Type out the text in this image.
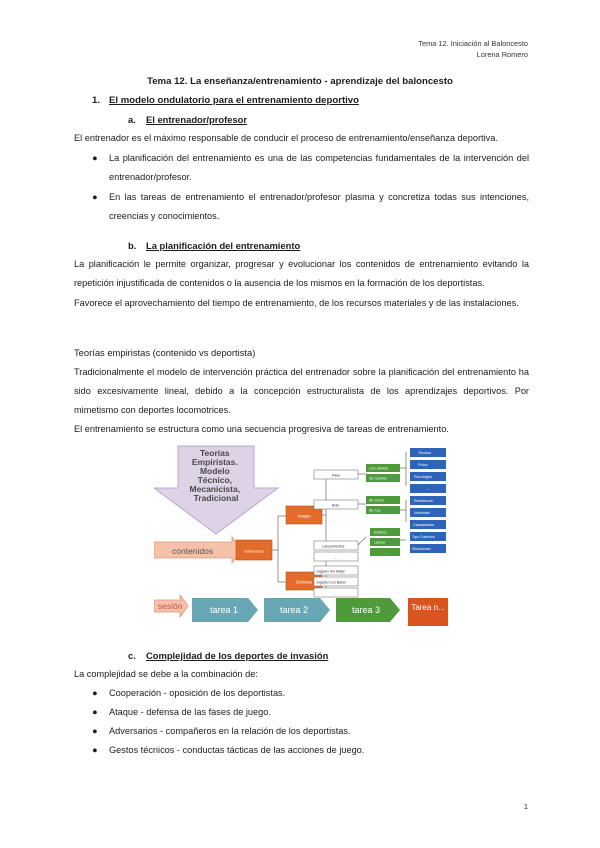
Tema 12. Iniciación al Baloncesto
Lorena Romero
Tema 12. La enseñanza/entrenamiento - aprendizaje del baloncesto
1. El modelo ondulatorio para el entrenamiento deportivo
a. El entrenador/profesor
El entrenador es el máximo responsable de conducir el proceso de entrenamiento/enseñanza deportiva.
● La planificación del entrenamiento es una de las competencias fundamentales de la intervención del entrenador/profesor.
● En las tareas de entrenamiento el entrenador/profesor plasma y concretiza todas sus intenciones, creencias y conocimientos.
b. La planificación del entrenamiento
La planificación le permite organizar, progresar y evolucionar los contenidos de entrenamiento evitando la repetición injustificada de contenidos o la ausencia de los mismos en la formación de los deportistas.
Favorece el aprovechamiento del tiempo de entrenamiento, de los recursos materiales y de las instalaciones.
Teorías empiristas (contenido vs deportista)
Tradicionalmente el modelo de intervención práctica del entrenador sobre la planificación del entrenamiento ha sido excesivamente lineal, debido a la concepción estructuralista de los aprendizajes deportivos. Por mimetismo con deportes locomotrices.
El entrenamiento se estructura como una secuencia progresiva de tareas de entrenamiento.
Teorías Empiristas. Modelo Técnico, Mecanicista, Tradicional
contenidos	Entrenador
Ataque
Defensa
Pase
Bote
Lanzamientos
...
Jugador Sin Balón
Jugador con Balón
...
Con cambio
Sin cambio
Alt. Dcha
Alt. Izq.
Estático
Lanzar
...
Técnica
Físico
Psicológico
...
Resistencia
Velocidad
Capacidades
Tipo Colectiva
Situaciones
sesión	tarea 1	tarea 2	tarea 3	Tarea n...
c. Complejidad de los deportes de invasión
La complejidad se debe a la combinación de:
● Cooperación - oposición de los deportistas.
● Ataque - defensa de las fases de juego.
● Adversarios - compañeros en la relación de los deportistas.
● Gestos técnicos - conductas tácticas de las acciones de juego.
1
